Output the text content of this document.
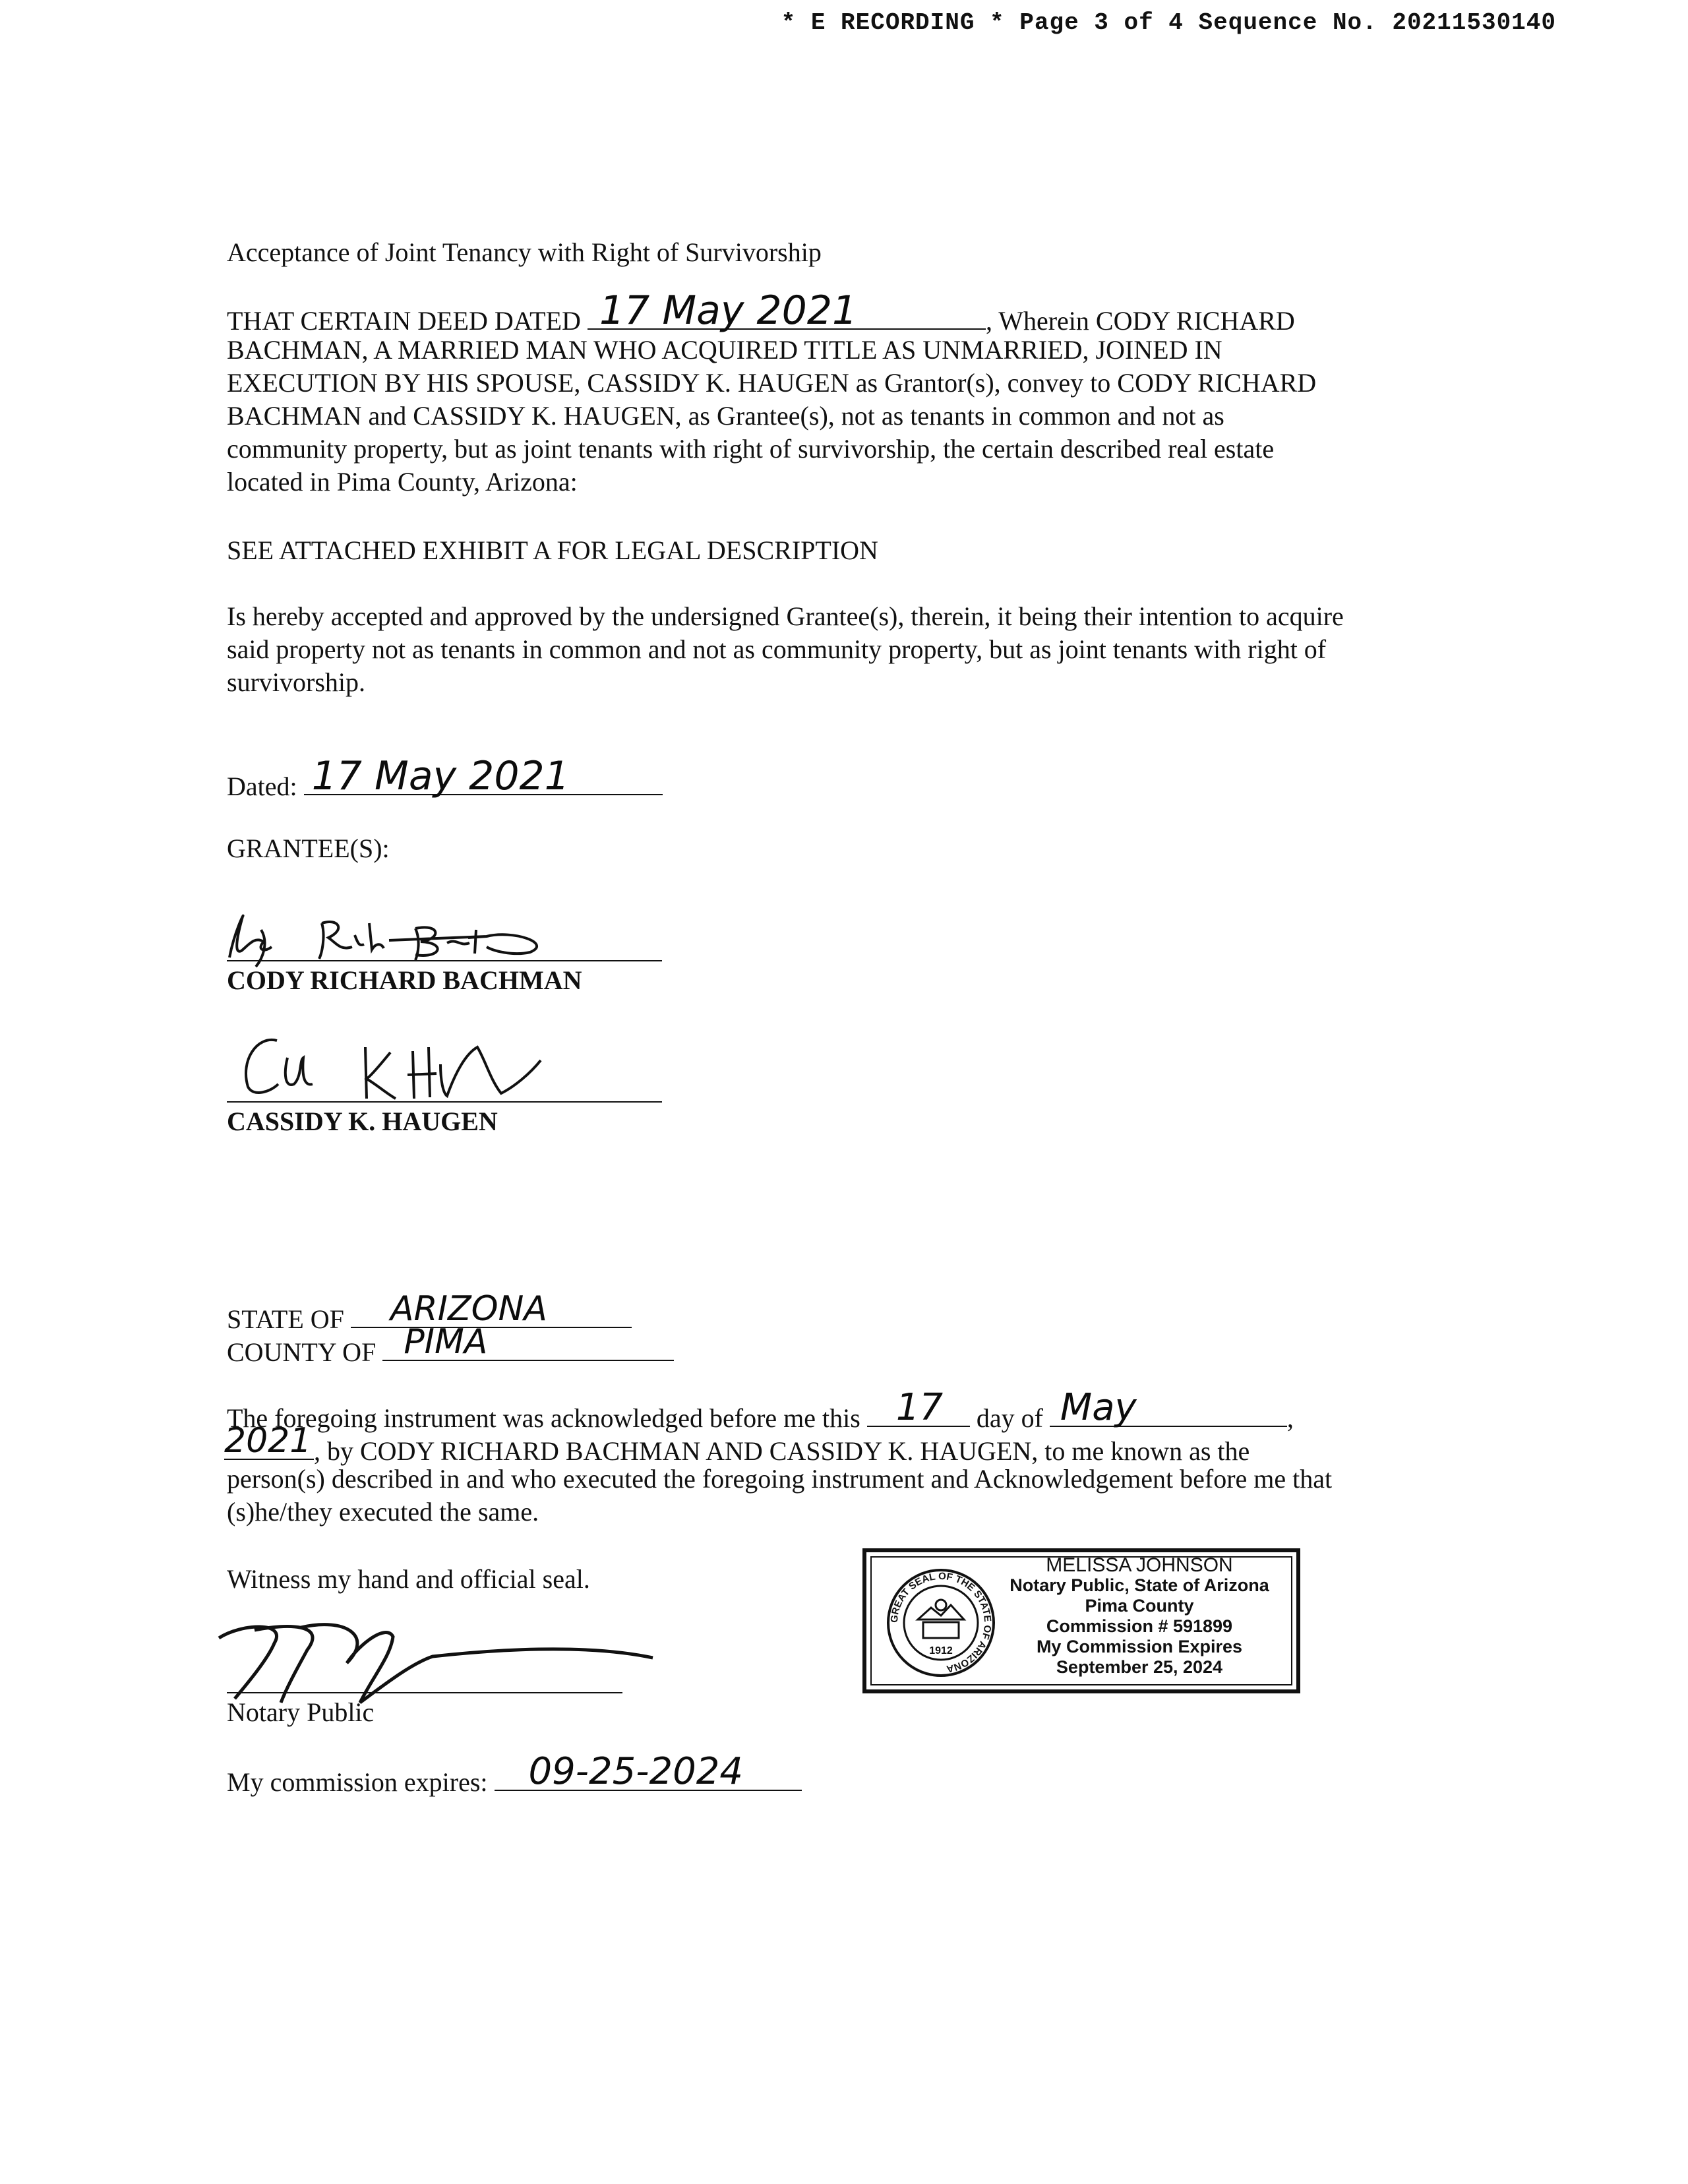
* E RECORDING * Page 3 of 4 Sequence No. 20211530140
Acceptance of Joint Tenancy with Right of Survivorship
THAT CERTAIN DEED DATED 17 May 2021	, Wherein CODY RICHARD
BACHMAN, A MARRIED MAN WHO ACQUIRED TITLE AS UNMARRIED, JOINED IN
EXECUTION BY HIS SPOUSE, CASSIDY K. HAUGEN as Grantor(s), convey to CODY RICHARD
BACHMAN and CASSIDY K. HAUGEN, as Grantee(s), not as tenants in common and not as
community property, but as joint tenants with right of survivorship, the certain described real estate
located in Pima County, Arizona:
SEE ATTACHED EXHIBIT A FOR LEGAL DESCRIPTION
Is hereby accepted and approved by the undersigned Grantee(s), therein, it being their intention to acquire
said property not as tenants in common and not as community property, but as joint tenants with right of
survivorship.
Dated: 17 May 2021
GRANTEE(S):
CODY RICHARD BACHMAN
CASSIDY K. HAUGEN
STATE OF ARIZONA
COUNTY OF PIMA
The foregoing instrument was acknowledged before me this 17 day of May	,
2021 , by CODY RICHARD BACHMAN AND CASSIDY K. HAUGEN, to me known as the
person(s) described in and who executed the foregoing instrument and Acknowledgement before me that
(s)he/they executed the same.
Witness my hand and official seal.
Notary Public
My commission expires: 09-25-2024
GREAT SEAL OF THE STATE OF ARIZONA
1912
MELISSA JOHNSON
Notary Public, State of Arizona
Pima County
Commission # 591899
My Commission Expires
September 25, 2024
